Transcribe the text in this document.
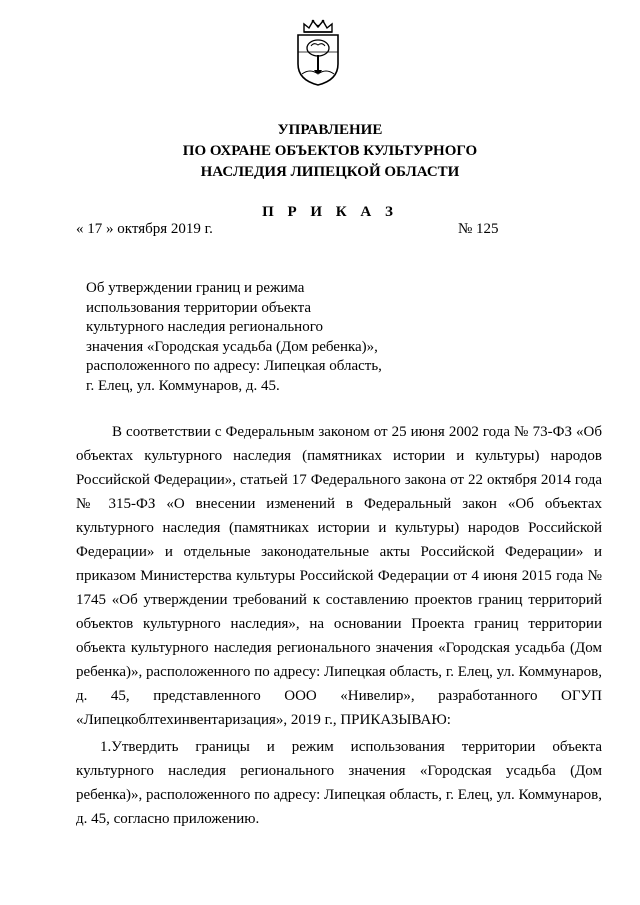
УПРАВЛЕНИЕ
ПО ОХРАНЕ ОБЪЕКТОВ КУЛЬТУРНОГО
НАСЛЕДИЯ ЛИПЕЦКОЙ ОБЛАСТИ
П Р И К А З
« 17 » октября 2019 г.	№ 125
Об утверждении границ и режима
использования территории объекта
культурного наследия регионального
значения «Городская усадьба (Дом ребенка)»,
расположенного по адресу: Липецкая область,
г. Елец, ул. Коммунаров, д. 45.

В соответствии с Федеральным законом от 25 июня 2002 года № 73-ФЗ «Об объектах культурного наследия (памятниках истории и культуры) народов Российской Федерации», статьей 17 Федерального закона от 22 октября 2014 года № 315-ФЗ «О внесении изменений в Федеральный закон «Об объектах культурного наследия (памятниках истории и культуры) народов Российской Федерации» и отдельные законодательные акты Российской Федерации» и приказом Министерства культуры Российской Федерации от 4 июня 2015 года № 1745 «Об утверждении требований к составлению проектов границ территорий объектов культурного наследия», на основании Проекта границ территории объекта культурного наследия регионального значения «Городская усадьба (Дом ребенка)», расположенного по адресу: Липецкая область, г. Елец, ул. Коммунаров, д. 45, представленного ООО «Нивелир», разработанного ОГУП «Липецкоблтехинвентаризация», 2019 г., ПРИКАЗЫВАЮ:

1.Утвердить границы и режим использования территории объекта культурного наследия регионального значения «Городская усадьба (Дом ребенка)», расположенного по адресу: Липецкая область, г. Елец, ул. Коммунаров, д. 45, согласно приложению.
